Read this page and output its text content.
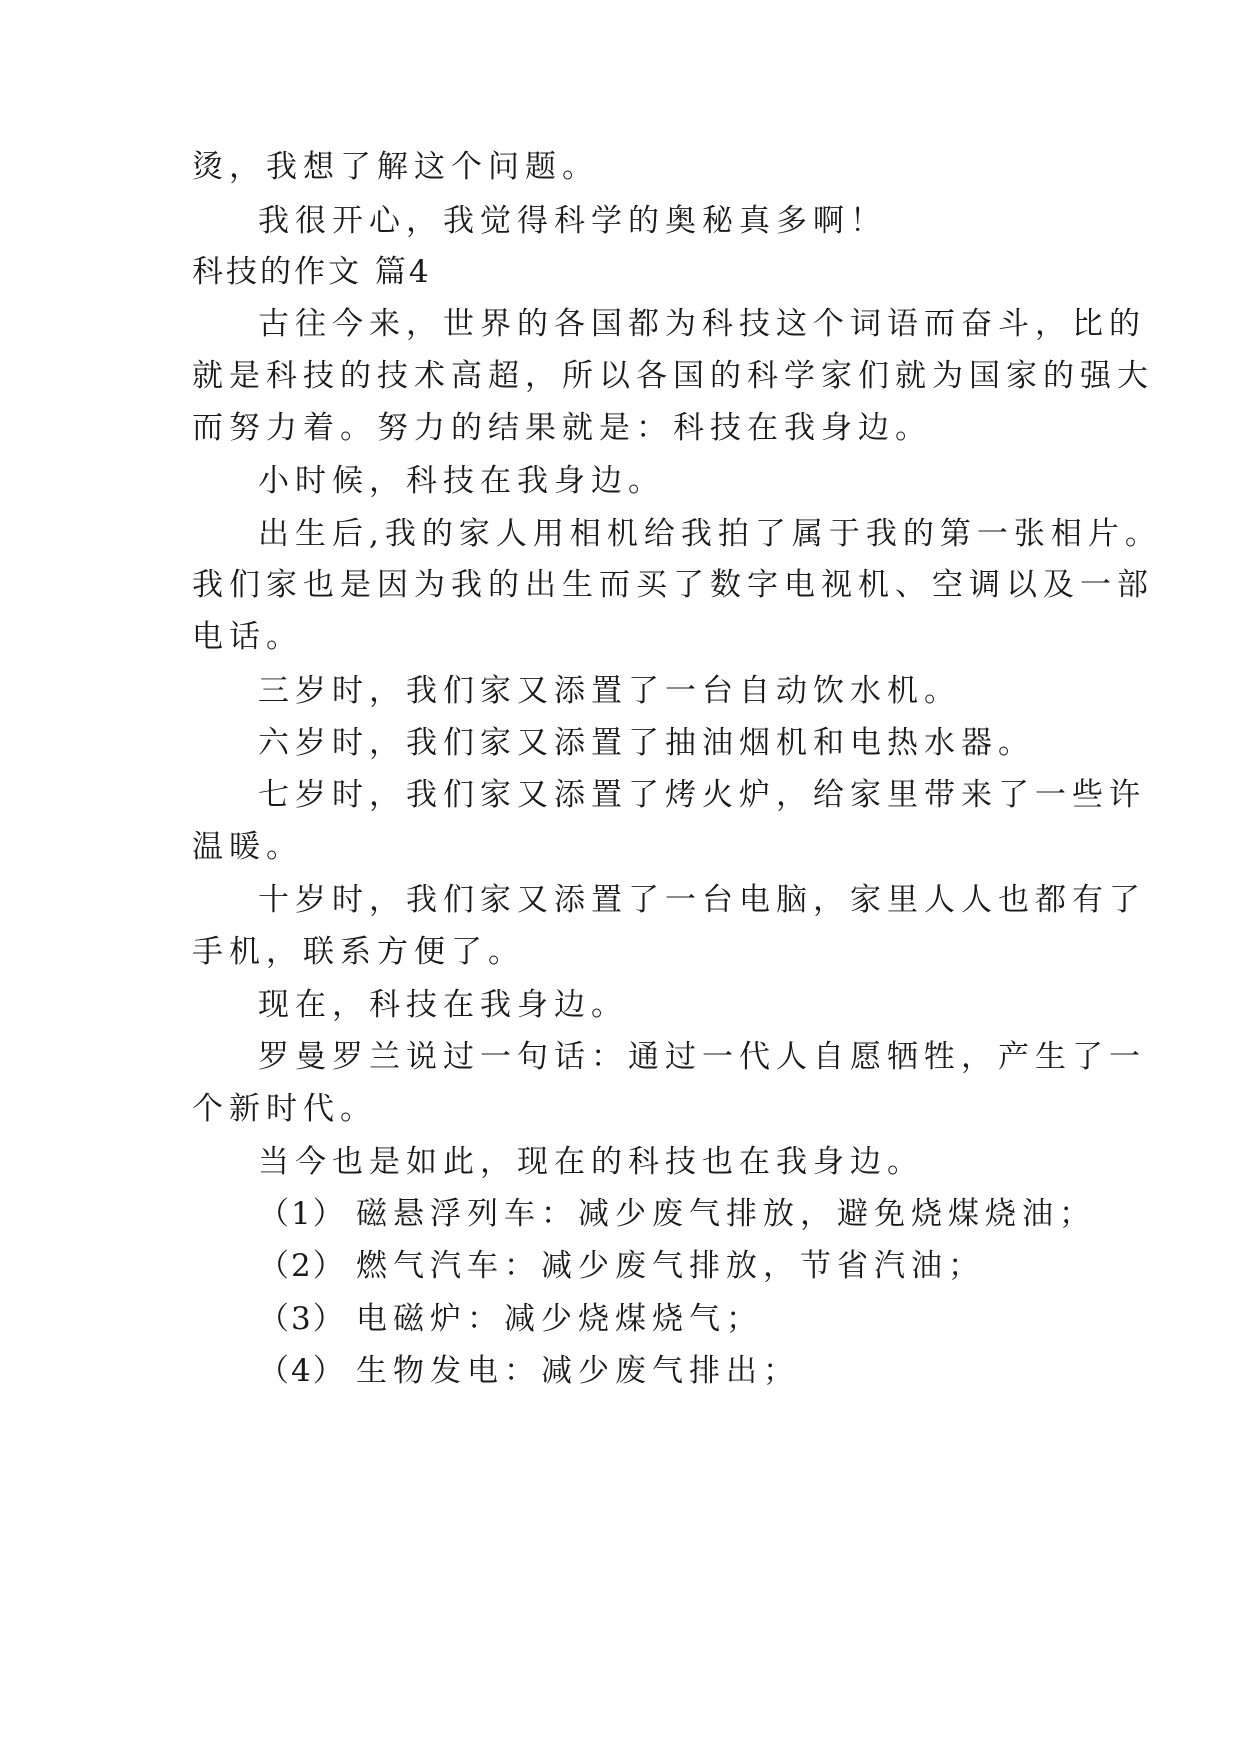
烫，我想了解这个问题。
我很开心，我觉得科学的奥秘真多啊！
科技的作文 篇4
古往今来，世界的各国都为科技这个词语而奋斗，比的
就是科技的技术高超，所以各国的科学家们就为国家的强大
而努力着。努力的结果就是：科技在我身边。
小时候，科技在我身边。
出生后,我的家人用相机给我拍了属于我的第一张相片。
我们家也是因为我的出生而买了数字电视机、空调以及一部
电话。
三岁时，我们家又添置了一台自动饮水机。
六岁时，我们家又添置了抽油烟机和电热水器。
七岁时，我们家又添置了烤火炉，给家里带来了一些许
温暖。
十岁时，我们家又添置了一台电脑，家里人人也都有了
手机，联系方便了。
现在，科技在我身边。
罗曼罗兰说过一句话：通过一代人自愿牺牲，产生了一
个新时代。
当今也是如此，现在的科技也在我身边。
（1） 磁悬浮列车：减少废气排放，避免烧煤烧油；
（2） 燃气汽车：减少废气排放，节省汽油；
（3） 电磁炉：减少烧煤烧气；
（4） 生物发电：减少废气排出；
